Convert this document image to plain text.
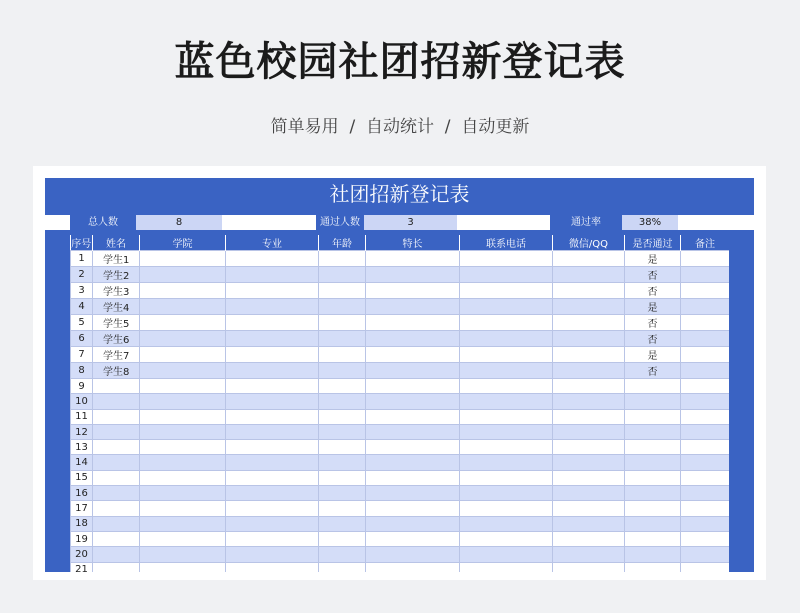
蓝色校园社团招新登记表
简单易用  /  自动统计  /  自动更新
社团招新登记表
总人数	8	通过人数	3	通过率	38%
序号	姓名	学院	专业	年龄	特长	联系电话	微信/QQ	是否通过	备注
1	学生1							是	
2	学生2							否	
3	学生3							否	
4	学生4							是	
5	学生5							否	
6	学生6							否	
7	学生7							是	
8	学生8							否	
9									
10									
11									
12									
13									
14									
15									
16									
17									
18									
19									
20									
21									
